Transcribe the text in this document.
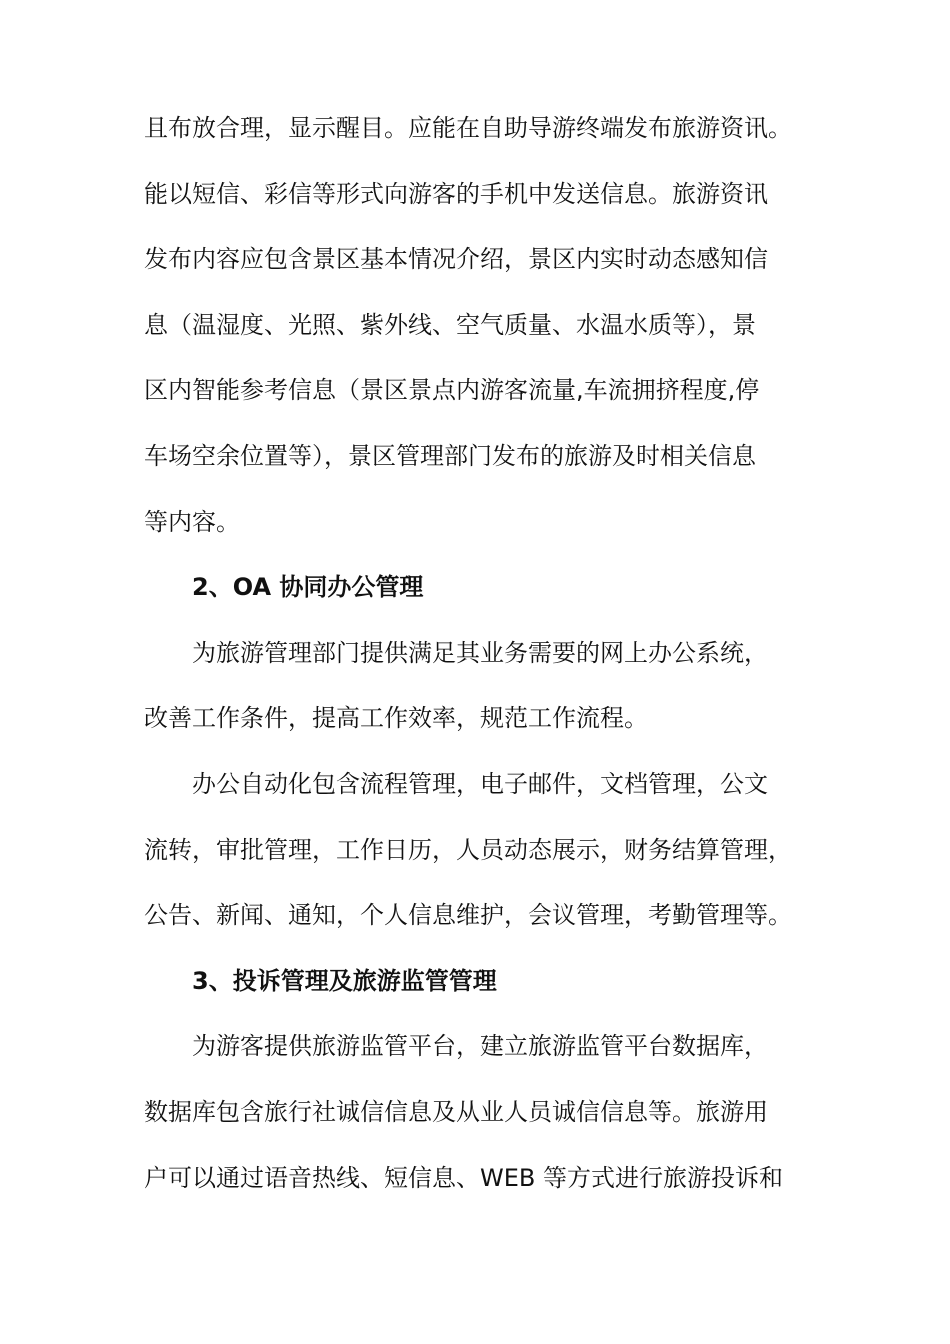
且布放合理，显示醒目。应能在自助导游终端发布旅游资讯。
能以短信、彩信等形式向游客的手机中发送信息。旅游资讯
发布内容应包含景区基本情况介绍，景区内实时动态感知信
息（温湿度、光照、紫外线、空气质量、水温水质等），景
区内智能参考信息（景区景点内游客流量,车流拥挤程度,停
车场空余位置等），景区管理部门发布的旅游及时相关信息
等内容。
2、OA 协同办公管理
为旅游管理部门提供满足其业务需要的网上办公系统，
改善工作条件，提高工作效率，规范工作流程。
办公自动化包含流程管理，电子邮件，文档管理，公文
流转，审批管理，工作日历，人员动态展示，财务结算管理，
公告、新闻、通知，个人信息维护，会议管理，考勤管理等。
3、投诉管理及旅游监管管理
为游客提供旅游监管平台，建立旅游监管平台数据库，
数据库包含旅行社诚信信息及从业人员诚信信息等。旅游用
户可以通过语音热线、短信息、WEB 等方式进行旅游投诉和
